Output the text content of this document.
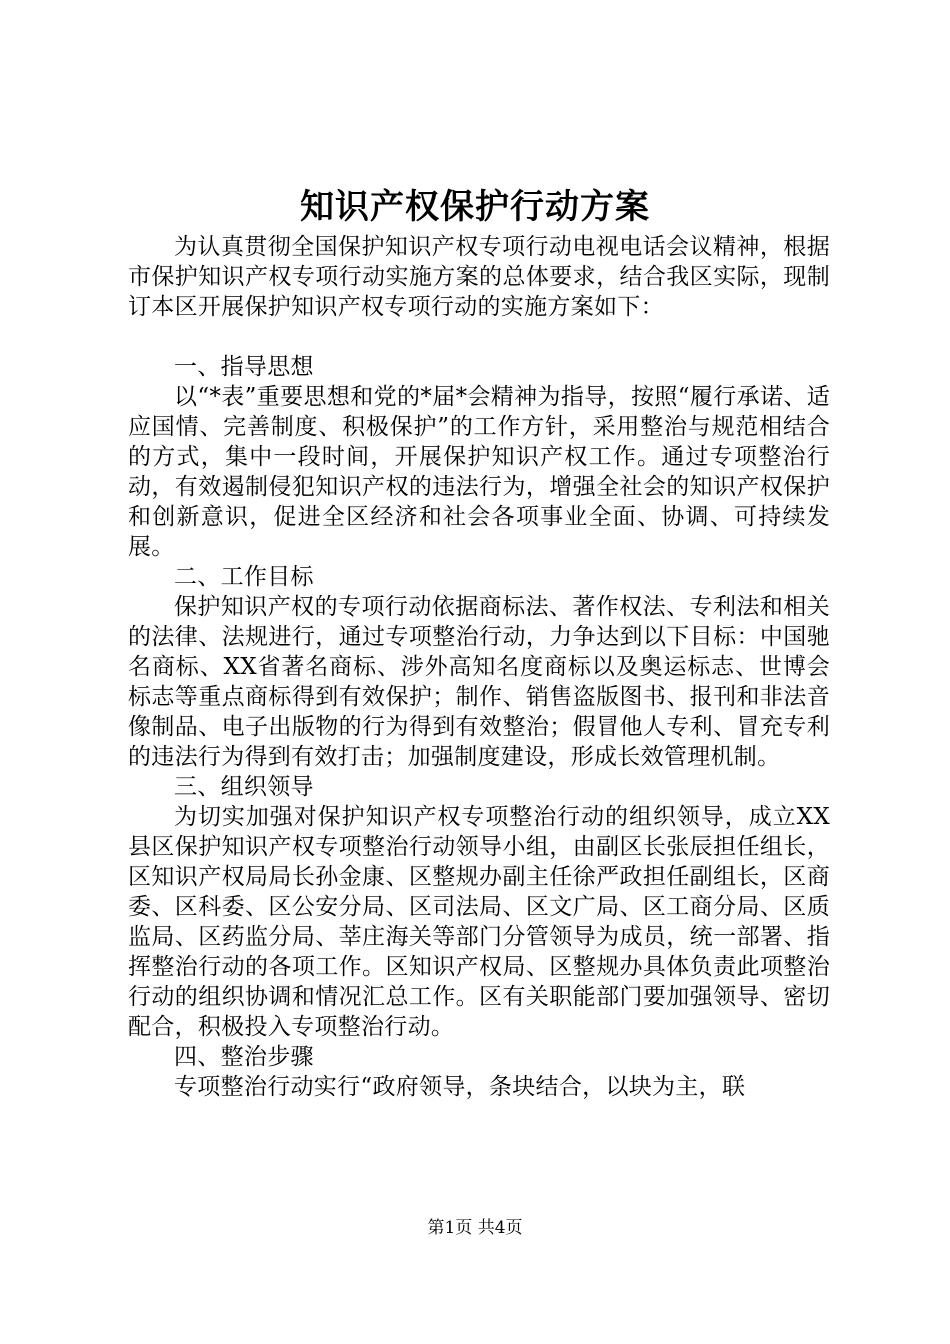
知识产权保护行动方案

为认真贯彻全国保护知识产权专项行动电视电话会议精神，根据市保护知识产权专项行动实施方案的总体要求，结合我区实际，现制订本区开展保护知识产权专项行动的实施方案如下：

一、指导思想

以“*表”重要思想和党的*届*会精神为指导，按照“履行承诺、适应国情、完善制度、积极保护”的工作方针，采用整治与规范相结合的方式，集中一段时间，开展保护知识产权工作。通过专项整治行动，有效遏制侵犯知识产权的违法行为，增强全社会的知识产权保护和创新意识，促进全区经济和社会各项事业全面、协调、可持续发展。

二、工作目标

保护知识产权的专项行动依据商标法、著作权法、专利法和相关的法律、法规进行，通过专项整治行动，力争达到以下目标：中国驰名商标、XX省著名商标、涉外高知名度商标以及奥运标志、世博会标志等重点商标得到有效保护；制作、销售盗版图书、报刊和非法音像制品、电子出版物的行为得到有效整治；假冒他人专利、冒充专利的违法行为得到有效打击；加强制度建设，形成长效管理机制。

三、组织领导

为切实加强对保护知识产权专项整治行动的组织领导，成立XX县区保护知识产权专项整治行动领导小组，由副区长张辰担任组长，区知识产权局局长孙金康、区整规办副主任徐严政担任副组长，区商委、区科委、区公安分局、区司法局、区文广局、区工商分局、区质监局、区药监分局、莘庄海关等部门分管领导为成员，统一部署、指挥整治行动的各项工作。区知识产权局、区整规办具体负责此项整治行动的组织协调和情况汇总工作。区有关职能部门要加强领导、密切配合，积极投入专项整治行动。

四、整治步骤

专项整治行动实行“政府领导，条块结合，以块为主，联

第1页 共4页
